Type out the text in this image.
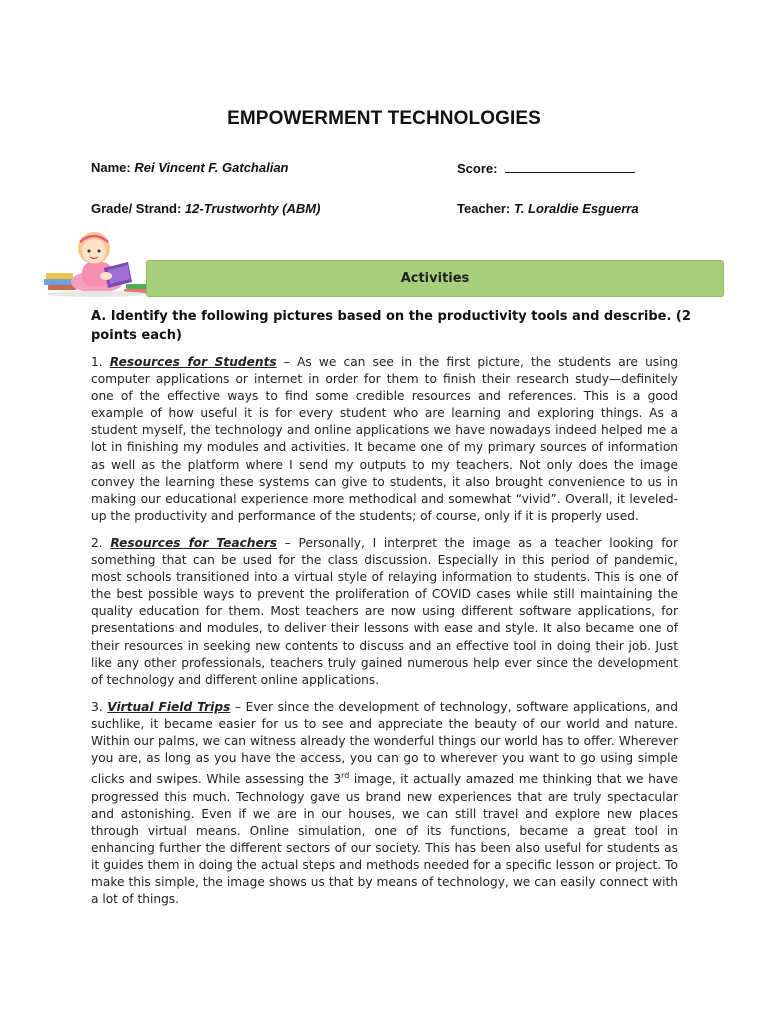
EMPOWERMENT TECHNOLOGIES
Name: Rei Vincent F. Gatchalian	Score:
Grade/ Strand: 12-Trustworhty (ABM)	Teacher: T. Loraldie Esguerra
Activities
A. Identify the following pictures based on the productivity tools and describe. (2 points each)
1. Resources for Students – As we can see in the first picture, the students are using computer applications or internet in order for them to finish their research study—definitely one of the effective ways to find some credible resources and references. This is a good example of how useful it is for every student who are learning and exploring things. As a student myself, the technology and online applications we have nowadays indeed helped me a lot in finishing my modules and activities. It became one of my primary sources of information as well as the platform where I send my outputs to my teachers. Not only does the image convey the learning these systems can give to students, it also brought convenience to us in making our educational experience more methodical and somewhat “vivid”. Overall, it leveled-up the productivity and performance of the students; of course, only if it is properly used.
2. Resources for Teachers – Personally, I interpret the image as a teacher looking for something that can be used for the class discussion. Especially in this period of pandemic, most schools transitioned into a virtual style of relaying information to students. This is one of the best possible ways to prevent the proliferation of COVID cases while still maintaining the quality education for them. Most teachers are now using different software applications, for presentations and modules, to deliver their lessons with ease and style. It also became one of their resources in seeking new contents to discuss and an effective tool in doing their job. Just like any other professionals, teachers truly gained numerous help ever since the development of technology and different online applications.
3. Virtual Field Trips – Ever since the development of technology, software applications, and suchlike, it became easier for us to see and appreciate the beauty of our world and nature. Within our palms, we can witness already the wonderful things our world has to offer. Wherever you are, as long as you have the access, you can go to wherever you want to go using simple clicks and swipes. While assessing the 3rd image, it actually amazed me thinking that we have progressed this much. Technology gave us brand new experiences that are truly spectacular and astonishing. Even if we are in our houses, we can still travel and explore new places through virtual means. Online simulation, one of its functions, became a great tool in enhancing further the different sectors of our society. This has been also useful for students as it guides them in doing the actual steps and methods needed for a specific lesson or project. To make this simple, the image shows us that by means of technology, we can easily connect with a lot of things.
